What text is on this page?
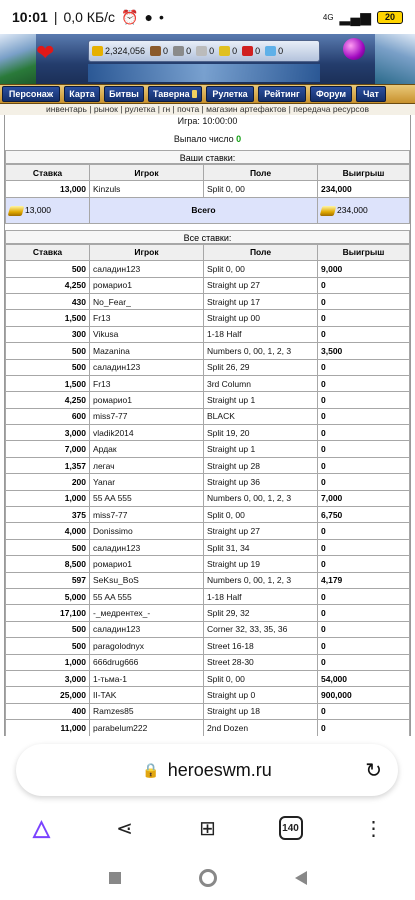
10:01 | 0,0 КБ/с ⏰ ● •	4G ▂▄▆	20
❤	2,324,056 0 0 0 0 0 0
Персонаж Карта Битвы Таверна	Рулетка Рейтинг Форум Чат
инвентарь | рынок | рулетка | гн | почта | магазин артефактов | передача ресурсов
Игра: 10:00:00
Выпало число 0
Ваши ставки:
Ставка	Игрок	Поле	Выигрыш
13,000	Kinzuls	Split 0, 00	234,000
13,000	Всего		234,000
Все ставки:
Ставка	Игрок	Поле	Выигрыш
500	саладин123	Split 0, 00	9,000
4,250	ромарио1	Straight up 27	0
430	No_Fear_	Straight up 17	0
1,500	Fr13	Straight up 00	0
300	Vikusa	1-18 Half	0
500	Mazanina	Numbers 0, 00, 1, 2, 3	3,500
500	саладин123	Split 26, 29	0
1,500	Fr13	3rd Column	0
4,250	ромарио1	Straight up 1	0
600	miss7-77	BLACK	0
3,000	vladik2014	Split 19, 20	0
7,000	Ардак	Straight up 1	0
1,357	легач	Straight up 28	0
200	Yanar	Straight up 36	0
1,000	55 AA 555	Numbers 0, 00, 1, 2, 3	7,000
375	miss7-77	Split 0, 00	6,750
4,000	Donissimo	Straight up 27	0
500	саладин123	Split 31, 34	0
8,500	ромарио1	Straight up 19	0
597	SeKsu_BoS	Numbers 0, 00, 1, 2, 3	4,179
5,000	55 AA 555	1-18 Half	0
17,100	-_медрентех_-	Split 29, 32	0
500	саладин123	Corner 32, 33, 35, 36	0
500	paragolodnyx	Street 16-18	0
1,000	666drug666	Street 28-30	0
3,000	1-тьма-1	Split 0, 00	54,000
25,000	II-TAK	Straight up 0	900,000
400	Ramzes85	Straight up 18	0
11,000	parabelum222	2nd Dozen	0

🔒 heroeswm.ru	↻
△	⋖	⊞	140	⋮
